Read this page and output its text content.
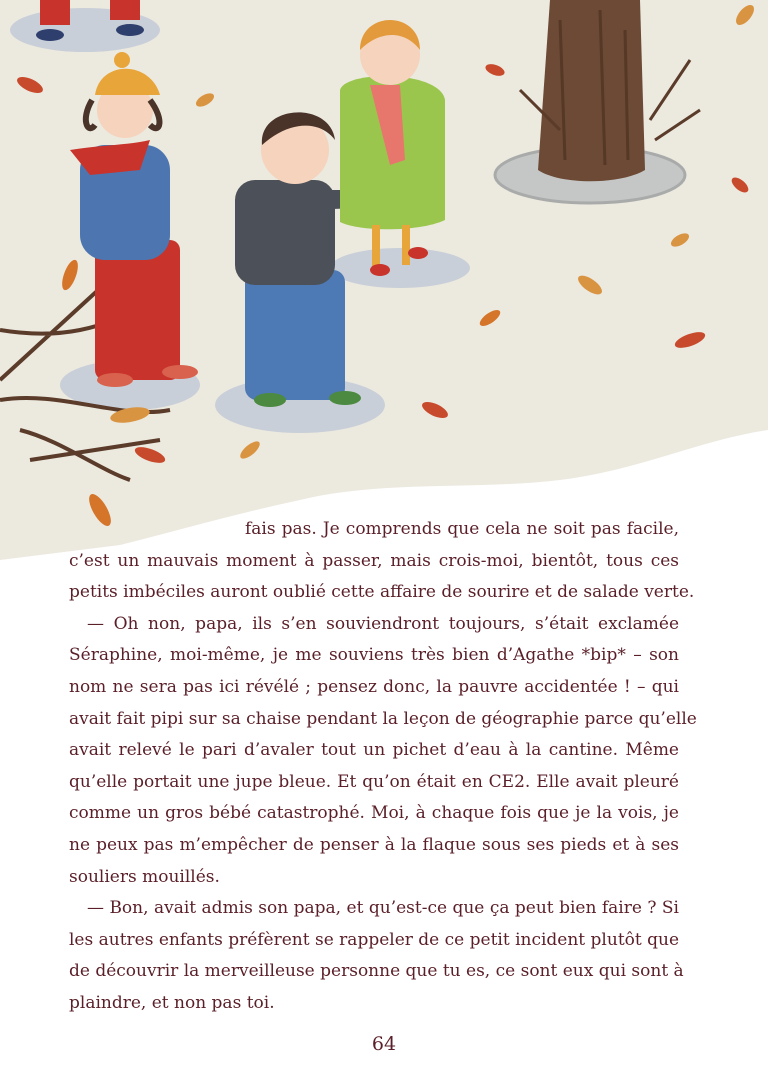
fais pas. Je comprends que cela ne soit pas facile,
c’est un mauvais moment à passer, mais crois-moi, bientôt, tous ces
petits imbéciles auront oublié cette affaire de sourire et de salade verte.
— Oh non, papa, ils s’en souviendront toujours, s’était exclamée
Séraphine, moi-même, je me souviens très bien d’Agathe *bip* – son
nom ne sera pas ici révélé ; pensez donc, la pauvre accidentée ! – qui
avait fait pipi sur sa chaise pendant la leçon de géographie parce qu’elle
avait relevé le pari d’avaler tout un pichet d’eau à la cantine. Même
qu’elle portait une jupe bleue. Et qu’on était en CE2. Elle avait pleuré
comme un gros bébé catastrophé. Moi, à chaque fois que je la vois, je
ne peux pas m’empêcher de penser à la flaque sous ses pieds et à ses
souliers mouillés.
— Bon, avait admis son papa, et qu’est-ce que ça peut bien faire ? Si
les autres enfants préfèrent se rappeler de ce petit incident plutôt que
de découvrir la merveilleuse personne que tu es, ce sont eux qui sont à
plaindre, et non pas toi.
64
